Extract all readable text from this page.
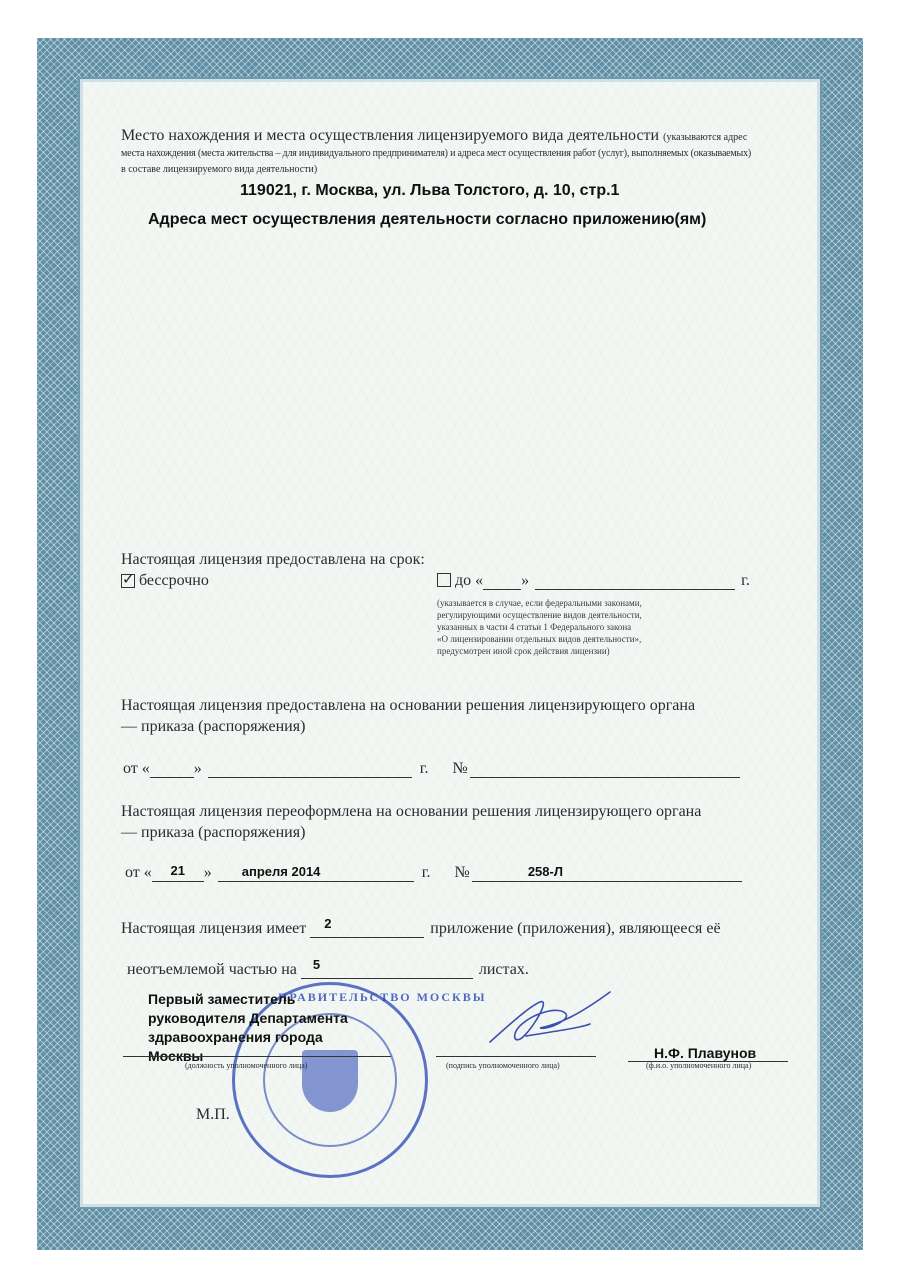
Место нахождения и места осуществления лицензируемого вида деятельности (указываются адрес
места нахождения (места жительства – для индивидуального предпринимателя) и адреса мест осуществления работ (услуг), выполняемых (оказываемых)
в составе лицензируемого вида деятельности)
119021, г. Москва, ул. Льва Толстого, д. 10, стр.1
Адреса мест осуществления деятельности согласно приложению(ям)
Настоящая лицензия предоставлена на срок:
✓ бессрочно	до « »	г.
(указывается в случае, если федеральными законами,
регулирующими осуществление видов деятельности,
указанных в части 4 статьи 1 Федерального закона
«О лицензировании отдельных видов деятельности»,
предусмотрен иной срок действия лицензии)
Настоящая лицензия предоставлена на основании решения лицензирующего органа
— приказа (распоряжения)
от «	»	г. №
Настоящая лицензия переоформлена на основании решения лицензирующего органа
— приказа (распоряжения)
от «	21	»	апреля 2014	г. №	258-Л
Настоящая лицензия имеет	2	приложение (приложения), являющееся её
неотъемлемой частью на	5	листах.
ПРАВИТЕЛЬСТВО МОСКВЫ
Первый заместитель
руководителя Департамента
здравоохранения города
Москвы
(должность уполномоченного лица)	(подпись уполномоченного лица)
Н.Ф. Плавунов
(ф.и.о. уполномоченного лица)
М.П.
